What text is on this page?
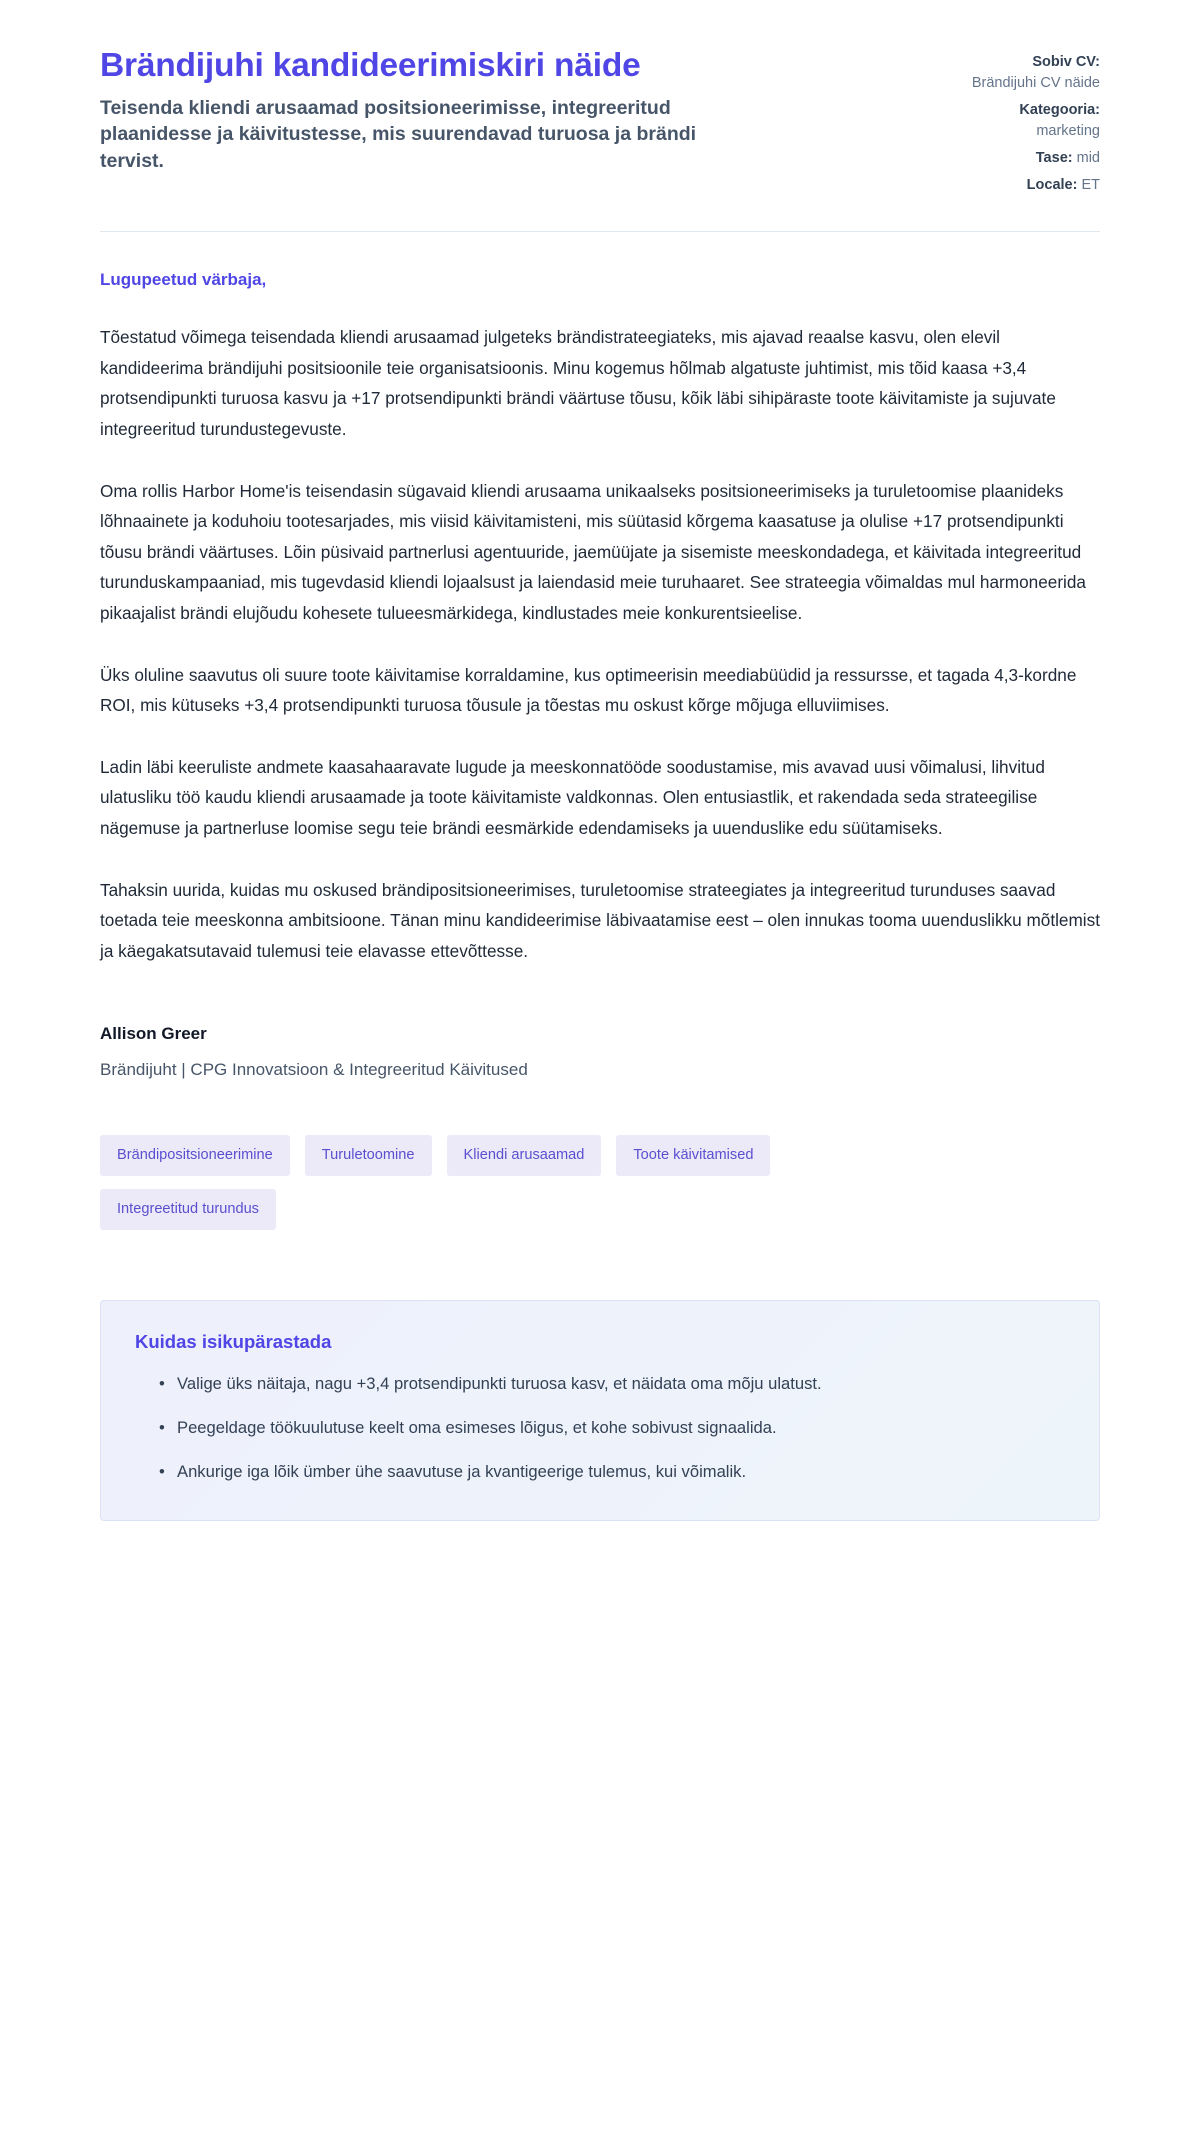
Brändijuhi kandideerimiskiri näide

Teisenda kliendi arusaamad positsioneerimisse, integreeritud plaanidesse ja käivitustesse, mis suurendavad turuosa ja brändi tervist.

Sobiv CV:
Brändijuhi CV näide
Kategooria:
marketing
Tase: mid
Locale: ET

Lugupeetud värbaja,

Tõestatud võimega teisendada kliendi arusaamad julgeteks brändistrateegiateks, mis ajavad reaalse kasvu, olen elevil kandideerima brändijuhi positsioonile teie organisatsioonis. Minu kogemus hõlmab algatuste juhtimist, mis tõid kaasa +3,4 protsendipunkti turuosa kasvu ja +17 protsendipunkti brändi väärtuse tõusu, kõik läbi sihipäraste toote käivitamiste ja sujuvate integreeritud turundustegevuste.

Oma rollis Harbor Home'is teisendasin sügavaid kliendi arusaama unikaalseks positsioneerimiseks ja turuletoomise plaanideks lõhnaainete ja koduhoiu tootesarjades, mis viisid käivitamisteni, mis süütasid kõrgema kaasatuse ja olulise +17 protsendipunkti tõusu brändi väärtuses. Lõin püsivaid partnerlusi agentuuride, jaemüüjate ja sisemiste meeskondadega, et käivitada integreeritud turunduskampaaniad, mis tugevdasid kliendi lojaalsust ja laiendasid meie turuhaaret. See strateegia võimaldas mul harmoneerida pikaajalist brändi elujõudu kohesete tulueesmärkidega, kindlustades meie konkurentsieelise.

Üks oluline saavutus oli suure toote käivitamise korraldamine, kus optimeerisin meediabüüdid ja ressursse, et tagada 4,3-kordne ROI, mis kütuseks +3,4 protsendipunkti turuosa tõusule ja tõestas mu oskust kõrge mõjuga elluviimises.

Ladin läbi keeruliste andmete kaasahaaravate lugude ja meeskonnatööde soodustamise, mis avavad uusi võimalusi, lihvitud ulatusliku töö kaudu kliendi arusaamade ja toote käivitamiste valdkonnas. Olen entusiastlik, et rakendada seda strateegilise nägemuse ja partnerluse loomise segu teie brändi eesmärkide edendamiseks ja uuenduslike edu süütamiseks.

Tahaksin uurida, kuidas mu oskused brändipositsioneerimises, turuletoomise strateegiates ja integreeritud turunduses saavad toetada teie meeskonna ambitsioone. Tänan minu kandideerimise läbivaatamise eest – olen innukas tooma uuenduslikku mõtlemist ja käegakatsutavaid tulemusi teie elavasse ettevõttesse.

Allison Greer

Brändijuht | CPG Innovatsioon & Integreeritud Käivitused

Brändipositsioneerimine	Turuletoomine	Kliendi arusaamad	Toote käivitamised
Integreetitud turundus
Kuidas isikupärastada
• Valige üks näitaja, nagu +3,4 protsendipunkti turuosa kasv, et näidata oma mõju ulatust.
• Peegeldage töökuulutuse keelt oma esimeses lõigus, et kohe sobivust signaalida.
• Ankurige iga lõik ümber ühe saavutuse ja kvantigeerige tulemus, kui võimalik.
